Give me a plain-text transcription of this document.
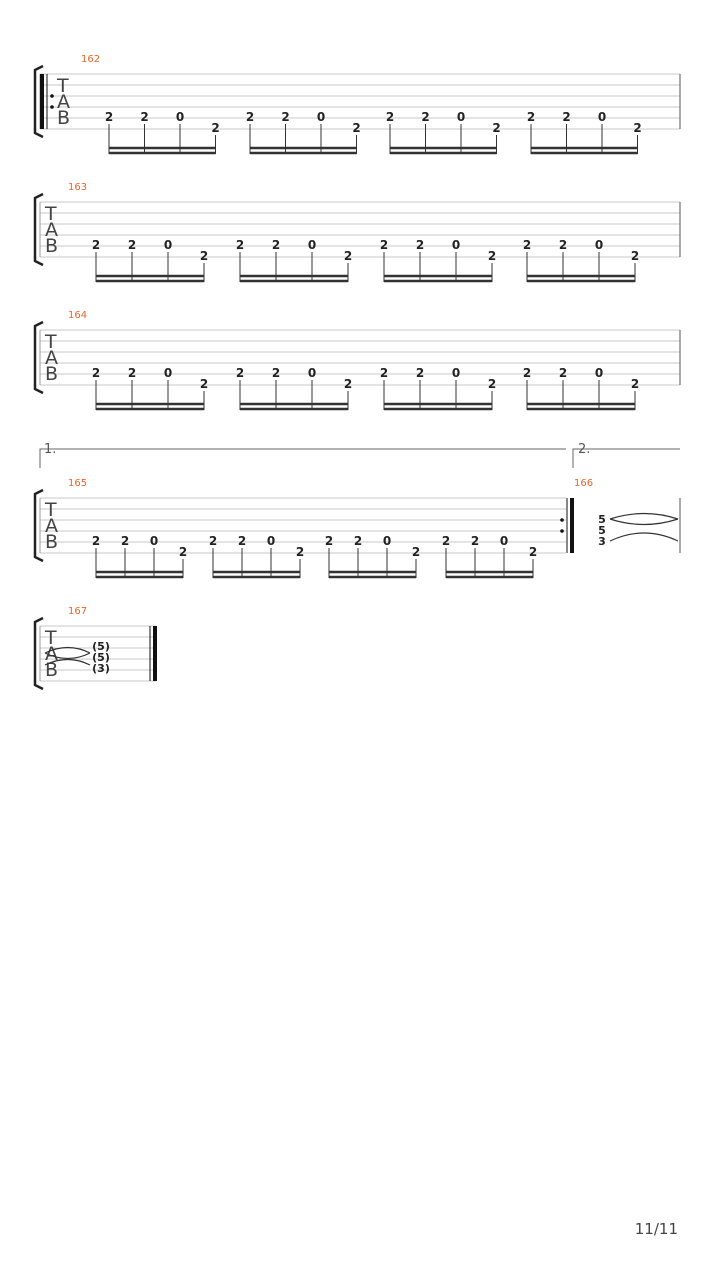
162
T
A
B	2 2 0
2
2 2 0
2
2 2 0
2
2 2 0
2
163
T
A
B	2 2 0
2
2 2 0
2
2 2 0
2
2 2 0
2
164
T
A
B	2 2 0
2
2 2 0
2
2 2 0
2
2 2 0
2
165
T
A
B	2 2 0
2
2 2 0
2
2 2 0
2
2 2 0
2
1.	2.
166
5
5
3
167
T
A
B
(5)
(5)
(3)
11/11
